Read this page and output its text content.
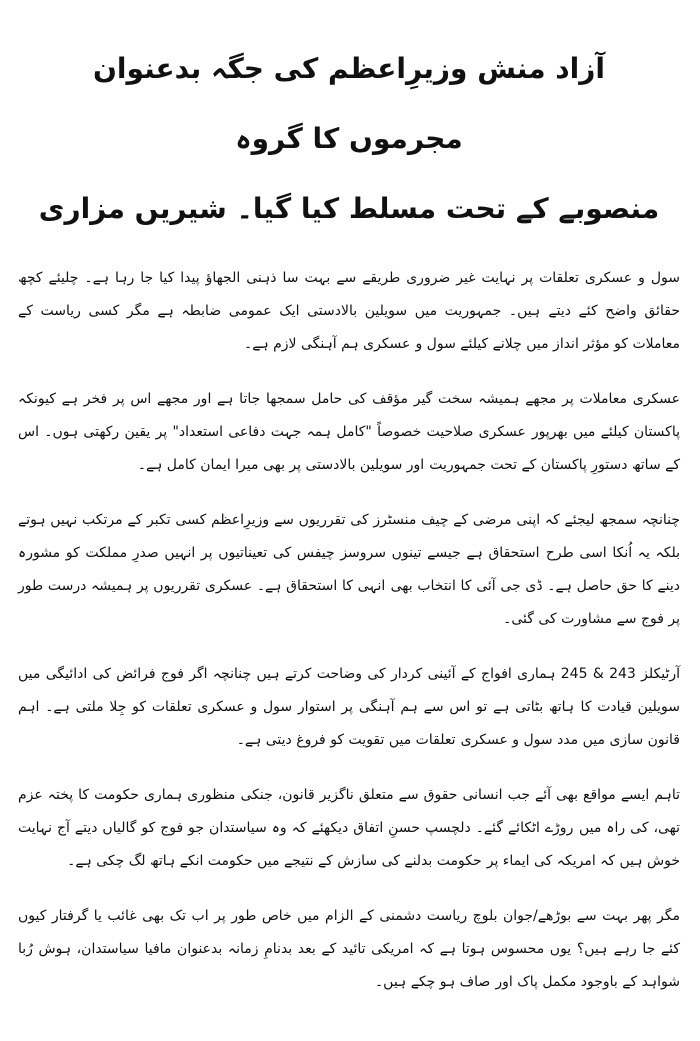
آزاد منش وزیرِاعظم کی جگہ بدعنوان مجرموں کا گروہ
منصوبے کے تحت مسلط کیا گیا۔ شیریں مزاری

سول و عسکری تعلقات پر نہایت غیر ضروری طریقے سے بہت سا ذہنی الجھاؤ پیدا کیا جا رہا ہے۔ چلیئے کچھ حقائق واضح کئے دیتے ہیں۔ جمہوریت میں سویلین بالادستی ایک عمومی ضابطہ ہے مگر کسی ریاست کے معاملات کو مؤثر انداز میں چلانے کیلئے سول و عسکری ہم آہنگی لازم ہے۔

عسکری معاملات پر مجھے ہمیشہ سخت گیر مؤقف کی حامل سمجھا جاتا ہے اور مجھے اس پر فخر ہے کیونکہ پاکستان کیلئے میں بھرپور عسکری صلاحیت خصوصاً "کامل ہمہ جہت دفاعی استعداد" پر یقین رکھتی ہوں۔ اس کے ساتھ دستورِ پاکستان کے تحت جمہوریت اور سویلین بالادستی پر بھی میرا ایمان کامل ہے۔

چنانچہ سمجھ لیجئے کہ اپنی مرضی کے چیف منسٹرز کی تقرریوں سے وزیرِاعظم کسی تکبر کے مرتکب نہیں ہوتے بلکہ یہ اُنکا اسی طرح استحقاق ہے جیسے تینوں سروسز چیفس کی تعیناتیوں پر انہیں صدرِ مملکت کو مشورہ دینے کا حق حاصل ہے۔ ڈی جی آئی کا انتخاب بھی انہی کا استحقاق ہے۔ عسکری تقرریوں پر ہمیشہ درست طور پر فوج سے مشاورت کی گئی۔

آرٹیکلز 243 & 245 ہماری افواج کے آئینی کردار کی وضاحت کرتے ہیں چنانچہ اگر فوج فرائض کی ادائیگی میں سویلین قیادت کا ہاتھ بٹاتی ہے تو اس سے ہم آہنگی پر استوار سول و عسکری تعلقات کو جِلا ملتی ہے۔ اہم قانون سازی میں مدد سول و عسکری تعلقات میں تقویت کو فروغ دیتی ہے۔

تاہم ایسے مواقع بھی آئے جب انسانی حقوق سے متعلق ناگزیر قانون، جنکی منظوری ہماری حکومت کا پختہ عزم تھی، کی راہ میں روڑے اٹکائے گئے۔ دلچسپ حسنِ اتفاق دیکھئے کہ وہ سیاستدان جو فوج کو گالیاں دیتے آج نہایت خوش ہیں کہ امریکہ کی ایماء پر حکومت بدلنے کی سازش کے نتیجے میں حکومت انکے ہاتھ لگ چکی ہے۔

مگر پھر بہت سے بوڑھے/جوان بلوچ ریاست دشمنی کے الزام میں خاص طور پر اب تک بھی غائب یا گرفتار کیوں کئے جا رہے ہیں؟ یوں محسوس ہوتا ہے کہ امریکی تائید کے بعد بدنامِ زمانہ بدعنوان مافیا سیاستدان، ہوش رُبا شواہد کے باوجود مکمل پاک اور صاف ہو چکے ہیں۔
